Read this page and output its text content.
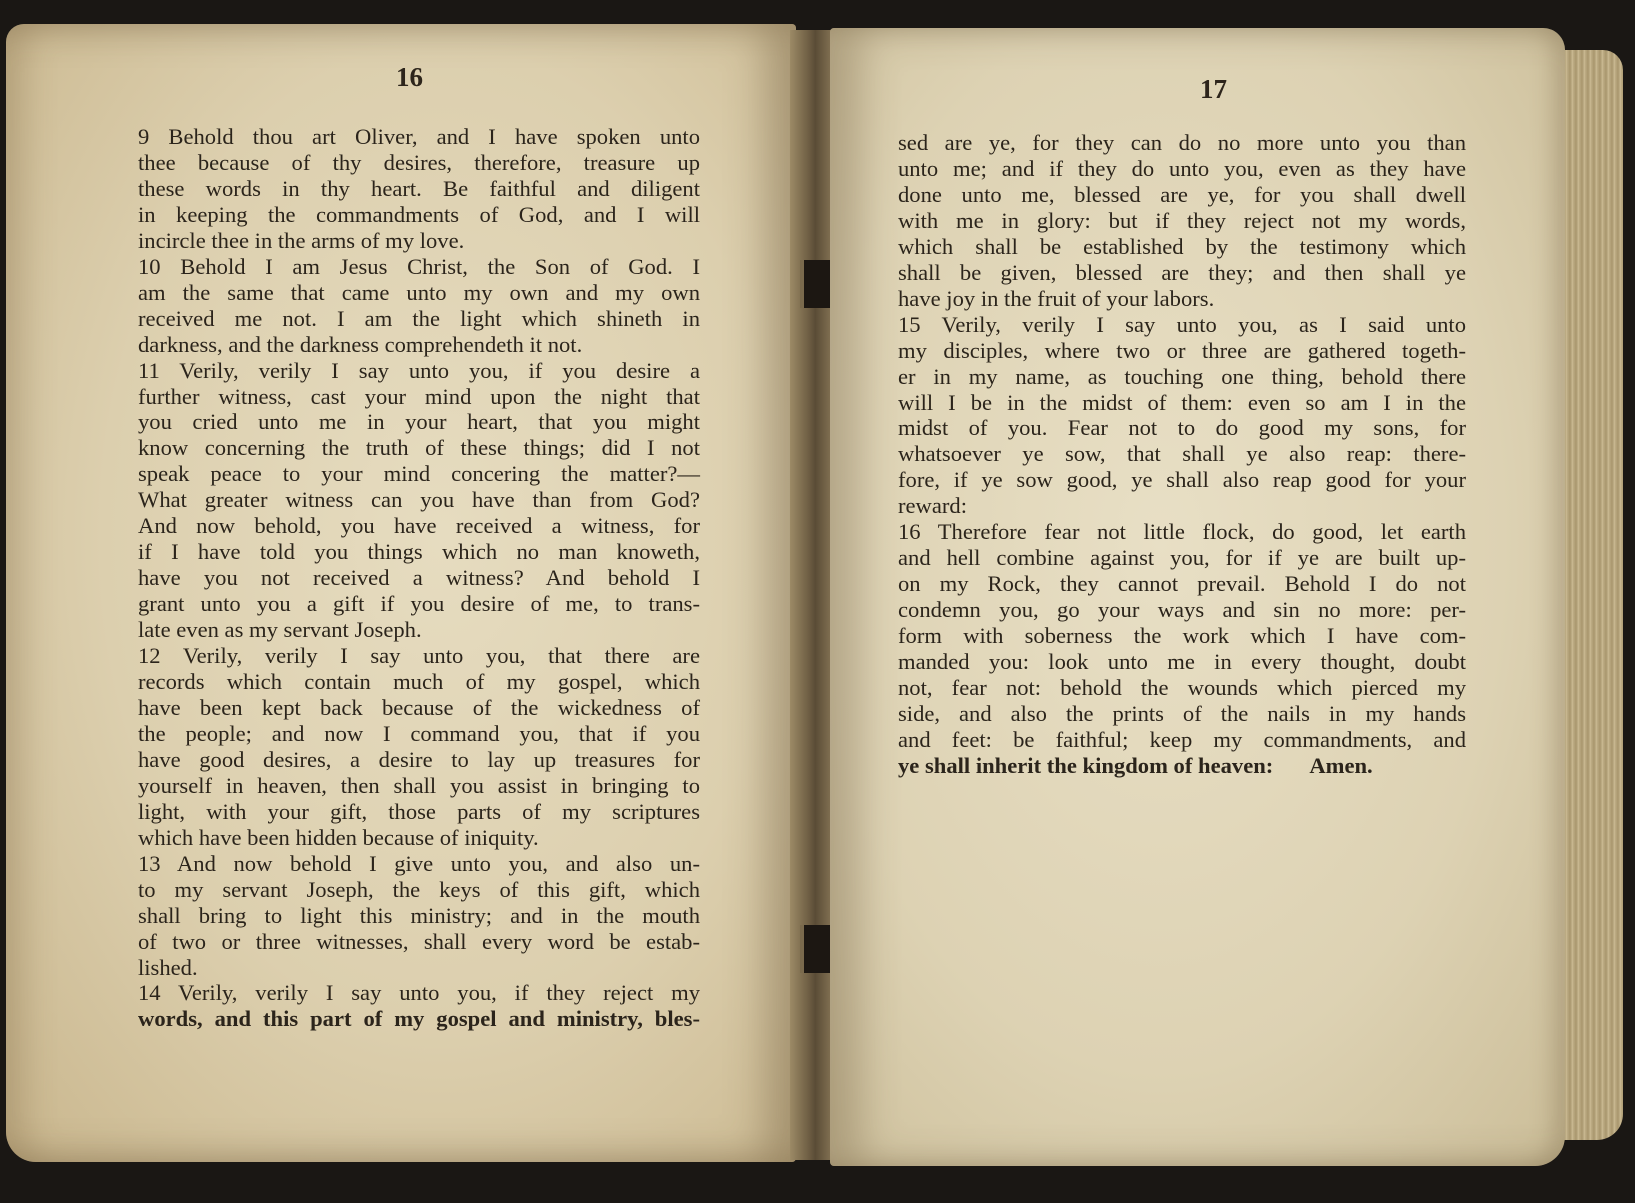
16
9 Behold thou art Oliver, and I have spoken unto
thee because of thy desires, therefore, treasure up
these words in thy heart. Be faithful and diligent
in keeping the commandments of God, and I will
incircle thee in the arms of my love.
10 Behold I am Jesus Christ, the Son of God. I
am the same that came unto my own and my own
received me not. I am the light which shineth in
darkness, and the darkness comprehendeth it not.
11 Verily, verily I say unto you, if you desire a
further witness, cast your mind upon the night that
you cried unto me in your heart, that you might
know concerning the truth of these things; did I not
speak peace to your mind concering the matter?—
What greater witness can you have than from God?
And now behold, you have received a witness, for
if I have told you things which no man knoweth,
have you not received a witness? And behold I
grant unto you a gift if you desire of me, to trans-
late even as my servant Joseph.
12 Verily, verily I say unto you, that there are
records which contain much of my gospel, which
have been kept back because of the wickedness of
the people; and now I command you, that if you
have good desires, a desire to lay up treasures for
yourself in heaven, then shall you assist in bringing to
light, with your gift, those parts of my scriptures
which have been hidden because of iniquity.
13 And now behold I give unto you, and also un-
to my servant Joseph, the keys of this gift, which
shall bring to light this ministry; and in the mouth
of two or three witnesses, shall every word be estab-
lished.
14 Verily, verily I say unto you, if they reject my
words, and this part of my gospel and ministry, bles-
17
sed are ye, for they can do no more unto you than
unto me; and if they do unto you, even as they have
done unto me, blessed are ye, for you shall dwell
with me in glory: but if they reject not my words,
which shall be established by the testimony which
shall be given, blessed are they; and then shall ye
have joy in the fruit of your labors.
15 Verily, verily I say unto you, as I said unto
my disciples, where two or three are gathered togeth-
er in my name, as touching one thing, behold there
will I be in the midst of them: even so am I in the
midst of you. Fear not to do good my sons, for
whatsoever ye sow, that shall ye also reap: there-
fore, if ye sow good, ye shall also reap good for your
reward:
16 Therefore fear not little flock, do good, let earth
and hell combine against you, for if ye are built up-
on my Rock, they cannot prevail. Behold I do not
condemn you, go your ways and sin no more: per-
form with soberness the work which I have com-
manded you: look unto me in every thought, doubt
not, fear not: behold the wounds which pierced my
side, and also the prints of the nails in my hands
and feet: be faithful; keep my commandments, and
ye shall inherit the kingdom of heaven: Amen.
